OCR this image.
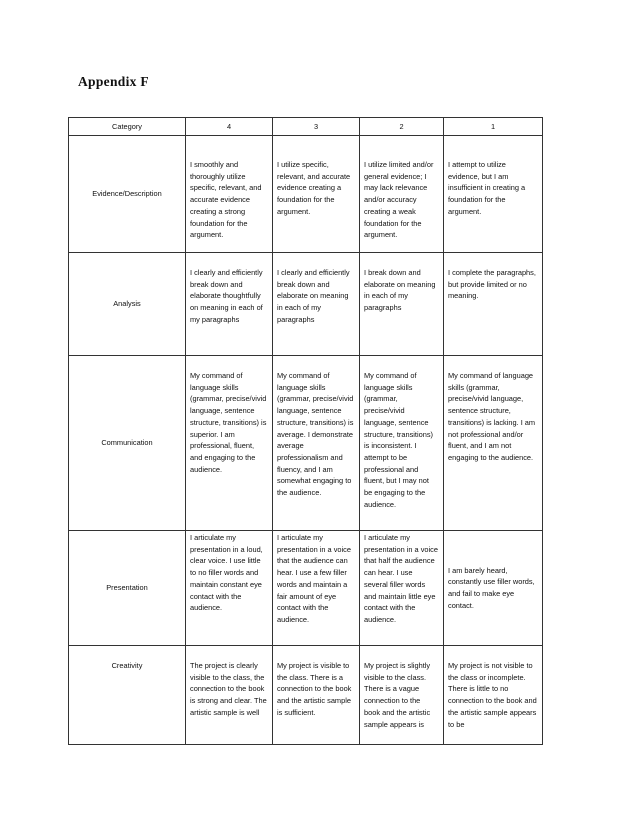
Appendix F
Category	4	3	2	1
Evidence/Description	I smoothly and thoroughly utilize specific, relevant, and accurate evidence creating a strong foundation for the argument.	I utilize specific, relevant, and accurate evidence creating a foundation for the argument.	I utilize limited and/or general evidence; I may lack relevance and/or accuracy creating a weak foundation for the argument.	I attempt to utilize evidence, but I am insufficient in creating a foundation for the argument.
Analysis	I clearly and efficiently break down and elaborate thoughtfully on meaning in each of my paragraphs	I clearly and efficiently break down and elaborate on meaning in each of my paragraphs	I break down and elaborate on meaning in each of my paragraphs	I complete the paragraphs, but provide limited or no meaning.
Communication	My command of language skills (grammar, precise/vivid language, sentence structure, transitions) is superior. I am professional, fluent, and engaging to the audience.	My command of language skills (grammar, precise/vivid language, sentence structure, transitions) is average. I demonstrate average professionalism and fluency, and I am somewhat engaging to the audience.	My command of language skills (grammar, precise/vivid language, sentence structure, transitions) is inconsistent. I attempt to be professional and fluent, but I may not be engaging to the audience.	My command of language skills (grammar, precise/vivid language, sentence structure, transitions) is lacking. I am not professional and/or fluent, and I am not engaging to the audience.
Presentation	I articulate my presentation in a loud, clear voice. I use little to no filler words and maintain constant eye contact with the audience.	I articulate my presentation in a voice that the audience can hear. I use a few filler words and maintain a fair amount of eye contact with the audience.	I articulate my presentation in a voice that half the audience can hear. I use several filler words and maintain little eye contact with the audience.	I am barely heard, constantly use filler words, and fail to make eye contact.
Creativity	The project is clearly visible to the class, the connection to the book is strong and clear. The artistic sample is well	My project is visible to the class. There is a connection to the book and the artistic sample is sufficient.	My project is slightly visible to the class. There is a vague connection to the book and the artistic sample appears is	My project is not visible to the class or incomplete. There is little to no connection to the book and the artistic sample appears to be
